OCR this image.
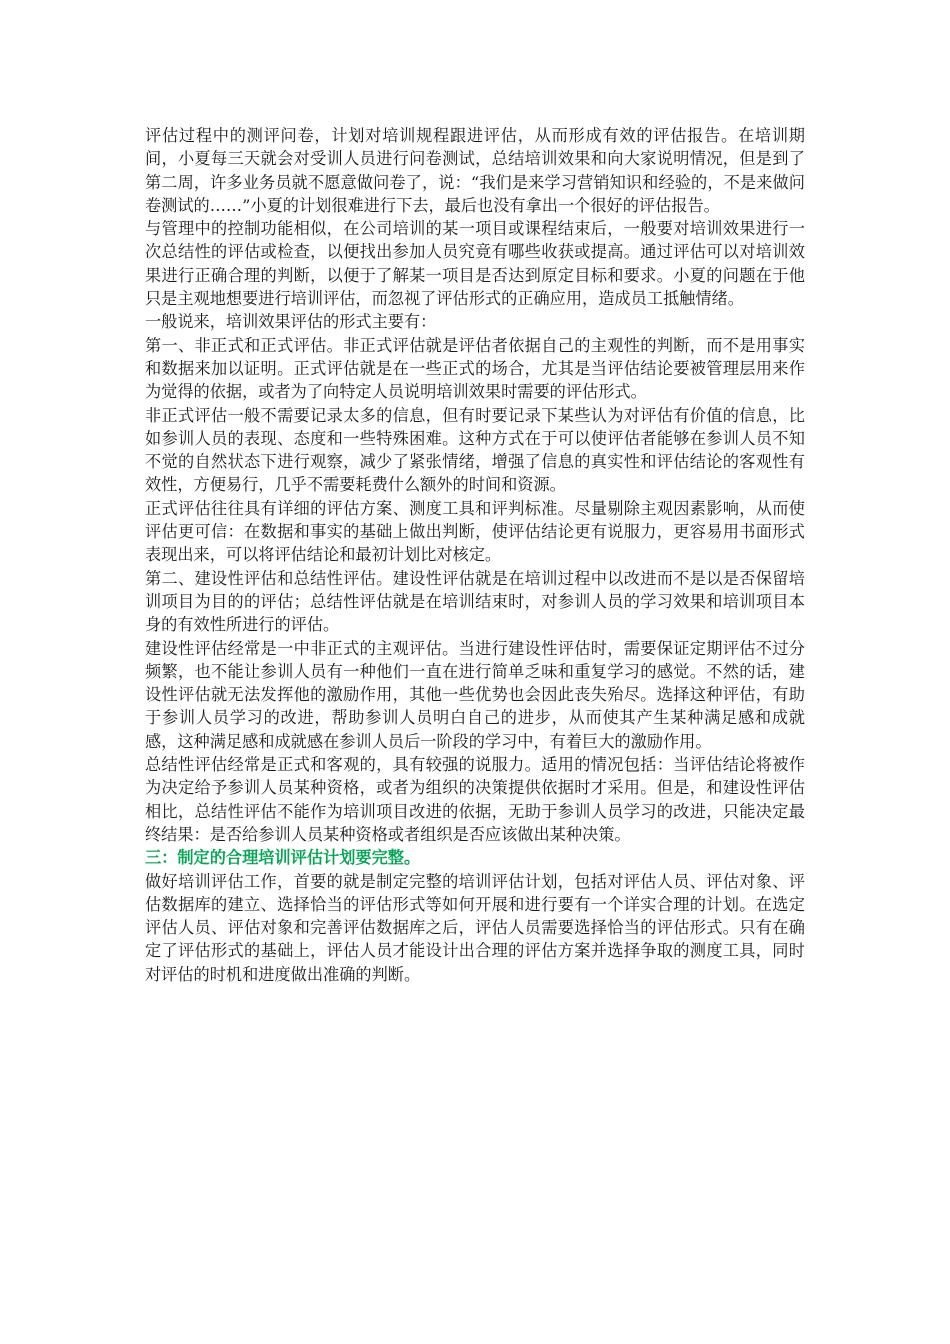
评估过程中的测评问卷，计划对培训规程跟进评估，从而形成有效的评估报告。在培训期间，小夏每三天就会对受训人员进行问卷测试，总结培训效果和向大家说明情况，但是到了第二周，许多业务员就不愿意做问卷了，说：“我们是来学习营销知识和经验的，不是来做问卷测试的……”小夏的计划很难进行下去，最后也没有拿出一个很好的评估报告。

与管理中的控制功能相似，在公司培训的某一项目或课程结束后，一般要对培训效果进行一次总结性的评估或检查，以便找出参加人员究竟有哪些收获或提高。通过评估可以对培训效果进行正确合理的判断，以便于了解某一项目是否达到原定目标和要求。小夏的问题在于他只是主观地想要进行培训评估，而忽视了评估形式的正确应用，造成员工抵触情绪。

一般说来，培训效果评估的形式主要有：

第一、非正式和正式评估。非正式评估就是评估者依据自己的主观性的判断，而不是用事实和数据来加以证明。正式评估就是在一些正式的场合，尤其是当评估结论要被管理层用来作为觉得的依据，或者为了向特定人员说明培训效果时需要的评估形式。

非正式评估一般不需要记录太多的信息，但有时要记录下某些认为对评估有价值的信息，比如参训人员的表现、态度和一些特殊困难。这种方式在于可以使评估者能够在参训人员不知不觉的自然状态下进行观察，减少了紧张情绪，增强了信息的真实性和评估结论的客观性有效性，方便易行，几乎不需要耗费什么额外的时间和资源。

正式评估往往具有详细的评估方案、测度工具和评判标准。尽量剔除主观因素影响，从而使评估更可信：在数据和事实的基础上做出判断，使评估结论更有说服力，更容易用书面形式表现出来，可以将评估结论和最初计划比对核定。

第二、建设性评估和总结性评估。建设性评估就是在培训过程中以改进而不是以是否保留培训项目为目的的评估；总结性评估就是在培训结束时，对参训人员的学习效果和培训项目本身的有效性所进行的评估。

建设性评估经常是一中非正式的主观评估。当进行建设性评估时，需要保证定期评估不过分频繁，也不能让参训人员有一种他们一直在进行简单乏味和重复学习的感觉。不然的话，建设性评估就无法发挥他的激励作用，其他一些优势也会因此丧失殆尽。选择这种评估，有助于参训人员学习的改进，帮助参训人员明白自己的进步，从而使其产生某种满足感和成就感，这种满足感和成就感在参训人员后一阶段的学习中，有着巨大的激励作用。

总结性评估经常是正式和客观的，具有较强的说服力。适用的情况包括：当评估结论将被作为决定给予参训人员某种资格，或者为组织的决策提供依据时才采用。但是，和建设性评估相比，总结性评估不能作为培训项目改进的依据，无助于参训人员学习的改进，只能决定最终结果：是否给参训人员某种资格或者组织是否应该做出某种决策。

三：制定的合理培训评估计划要完整。

做好培训评估工作，首要的就是制定完整的培训评估计划，包括对评估人员、评估对象、评估数据库的建立、选择恰当的评估形式等如何开展和进行要有一个详实合理的计划。在选定评估人员、评估对象和完善评估数据库之后，评估人员需要选择恰当的评估形式。只有在确定了评估形式的基础上，评估人员才能设计出合理的评估方案并选择争取的测度工具，同时对评估的时机和进度做出准确的判断。
